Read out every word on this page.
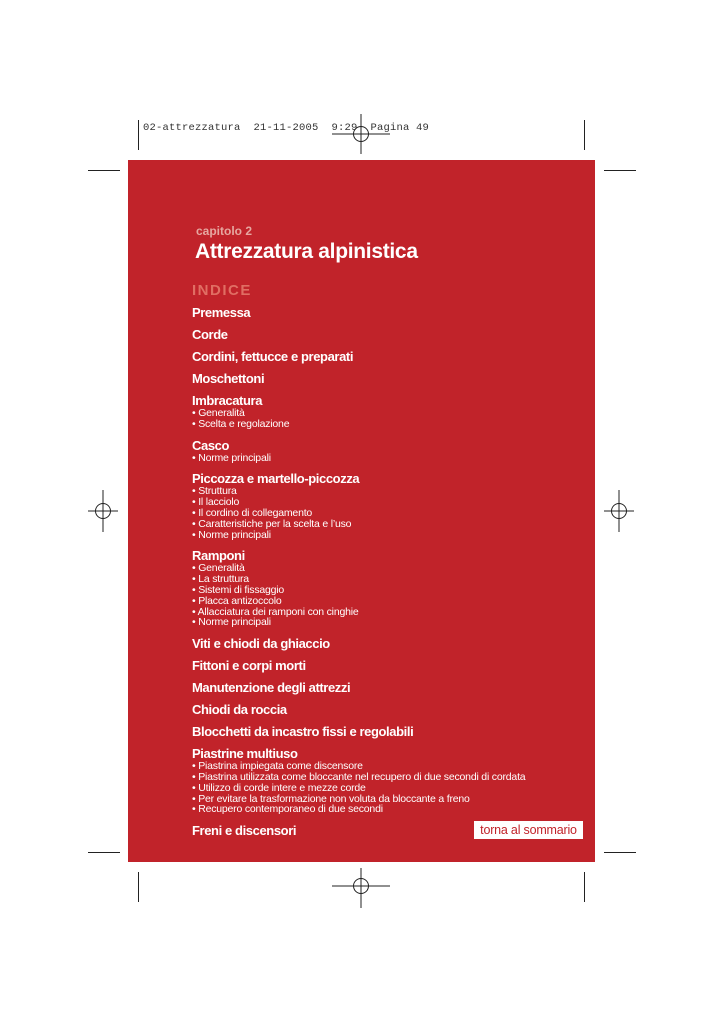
02-attrezzatura  21-11-2005  9:29  Pagina 49
capitolo 2
Attrezzatura alpinistica
INDICE
Premessa
Corde
Cordini, fettucce e preparati
Moschettoni
Imbracatura
• Generalità
• Scelta e regolazione
Casco
• Norme principali
Piccozza e martello-piccozza
• Struttura
• Il lacciolo
• Il cordino di collegamento
• Caratteristiche per la scelta e l’uso
• Norme principali
Ramponi
• Generalità
• La struttura
• Sistemi di fissaggio
• Placca antizoccolo
• Allacciatura dei ramponi con cinghie
• Norme principali
Viti e chiodi da ghiaccio
Fittoni e corpi morti
Manutenzione degli attrezzi
Chiodi da roccia
Blocchetti da incastro fissi e regolabili
Piastrine multiuso
• Piastrina impiegata come discensore
• Piastrina utilizzata come bloccante nel recupero di due secondi di cordata
• Utilizzo di corde intere e mezze corde
• Per evitare la trasformazione non voluta da bloccante a freno
• Recupero contemporaneo di due secondi
Freni e discensori	torna al sommario
